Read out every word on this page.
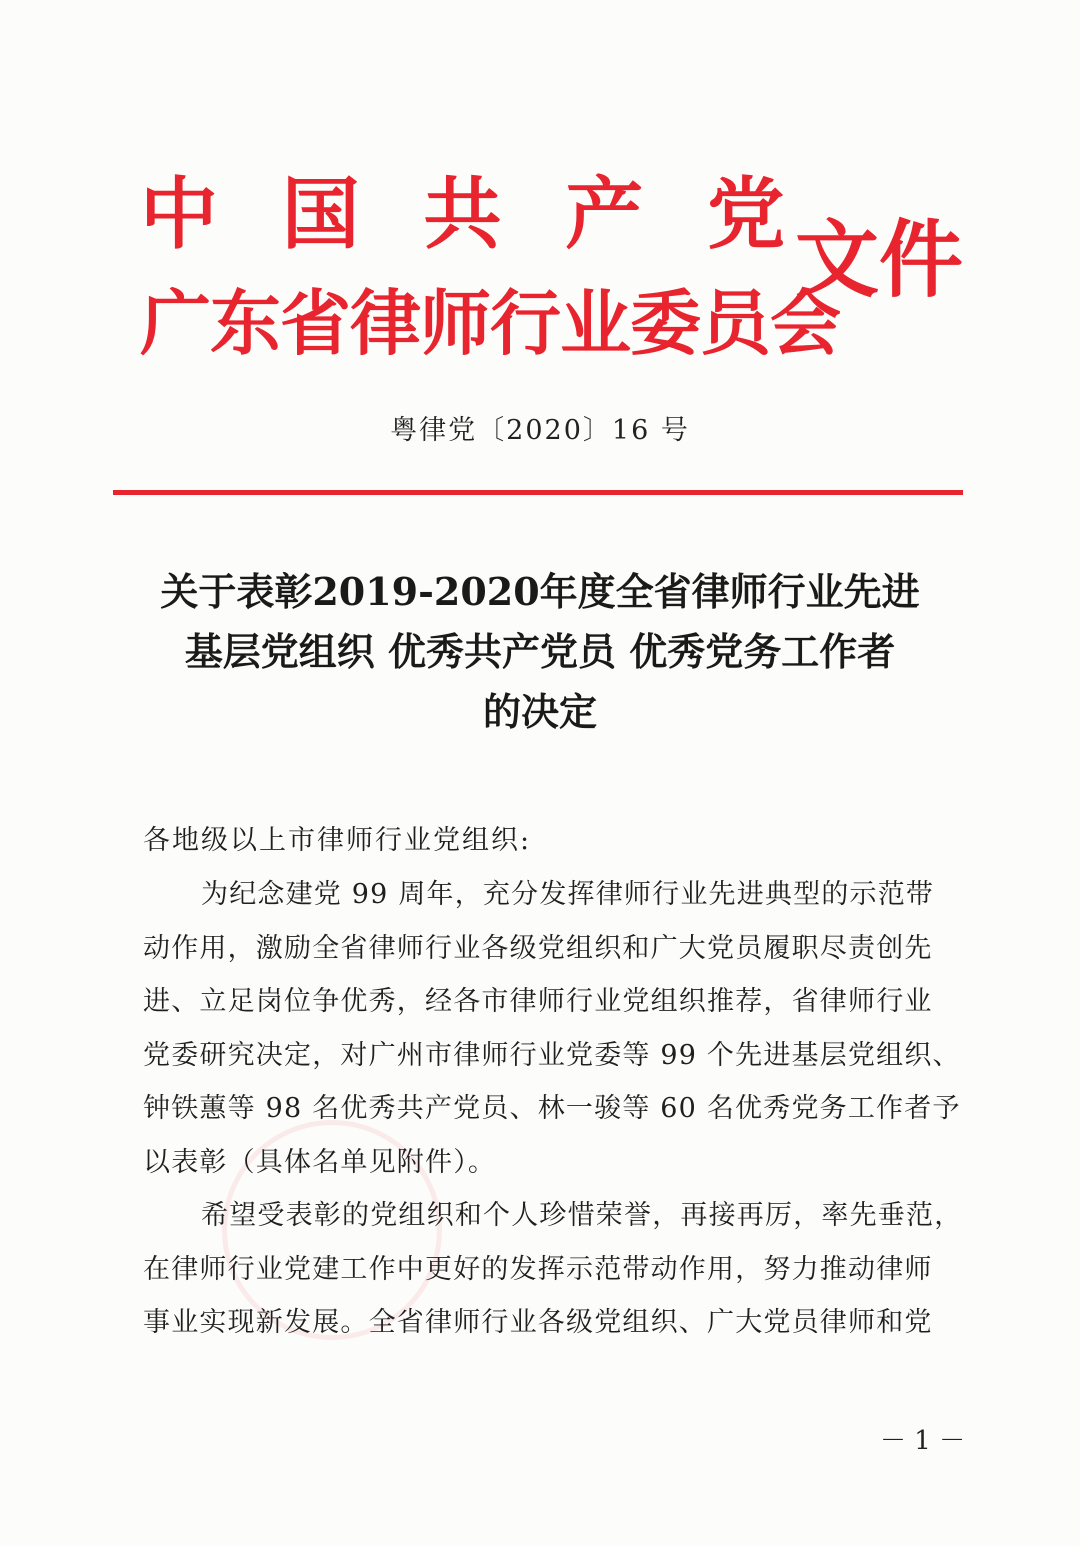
中 国 共 产 党
广东省律师行业委员会
文件
粤律党〔2020〕16 号
关于表彰2019-2020年度全省律师行业先进
基层党组织 优秀共产党员 优秀党务工作者
的决定
各地级以上市律师行业党组织:
为纪念建党 99 周年，充分发挥律师行业先进典型的示范带
动作用，激励全省律师行业各级党组织和广大党员履职尽责创先
进、立足岗位争优秀，经各市律师行业党组织推荐，省律师行业
党委研究决定，对广州市律师行业党委等 99 个先进基层党组织、
钟铁蕙等 98 名优秀共产党员、林一骏等 60 名优秀党务工作者予
以表彰（具体名单见附件）。
希望受表彰的党组织和个人珍惜荣誉，再接再厉，率先垂范，
在律师行业党建工作中更好的发挥示范带动作用，努力推动律师
事业实现新发展。全省律师行业各级党组织、广大党员律师和党
－ 1 －
